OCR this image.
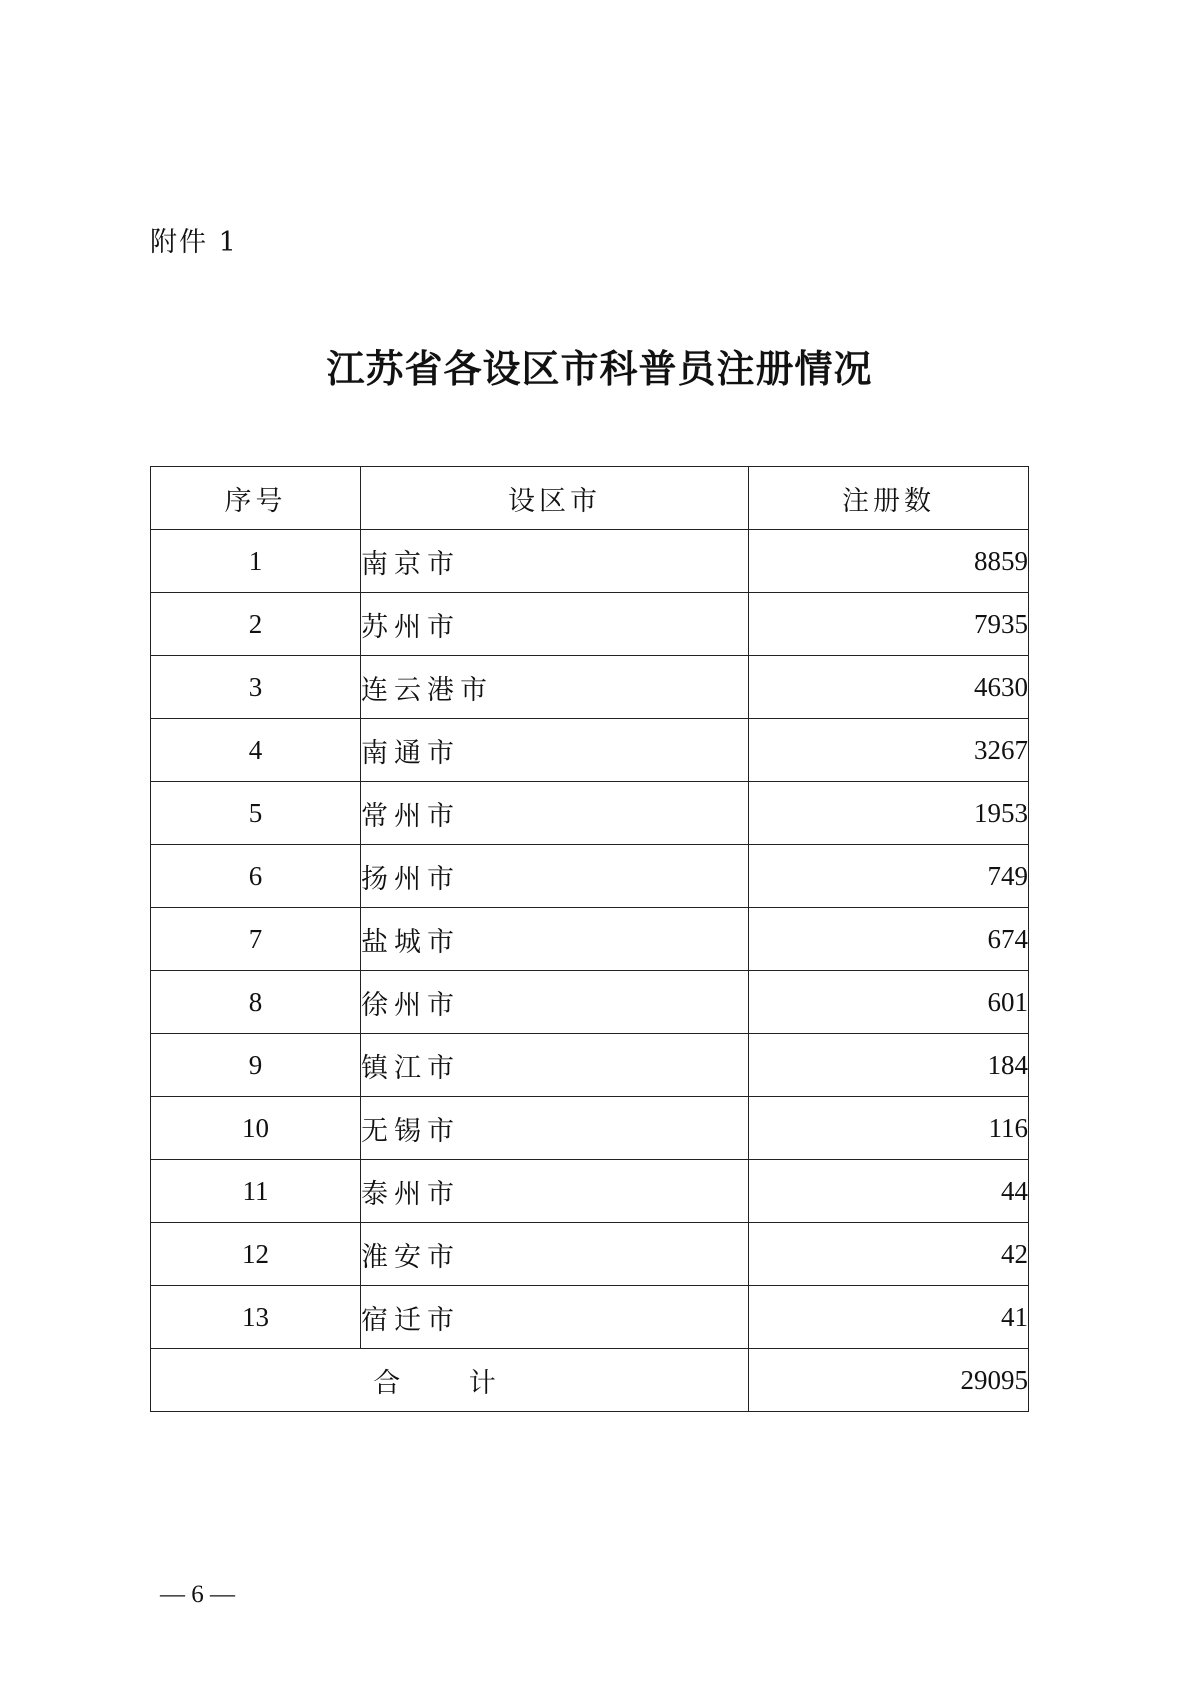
附件 1
江苏省各设区市科普员注册情况
序号	设区市	注册数
1	南京市	8859
2	苏州市	7935
3	连云港市	4630
4	南通市	3267
5	常州市	1953
6	扬州市	749
7	盐城市	674
8	徐州市	601
9	镇江市	184
10	无锡市	116
11	泰州市	44
12	淮安市	42
13	宿迁市	41
合 计		29095
— 6 —
